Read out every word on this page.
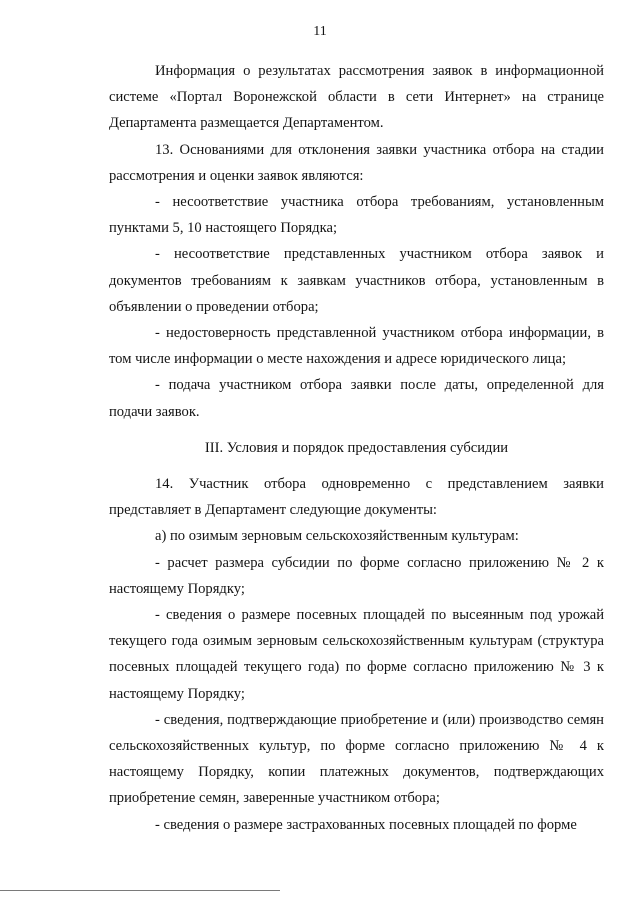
11

Информация о результатах рассмотрения заявок в информационной системе «Портал Воронежской области в сети Интернет» на странице Департамента размещается Департаментом.

13. Основаниями для отклонения заявки участника отбора на стадии рассмотрения и оценки заявок являются:

- несоответствие участника отбора требованиям, установленным пунктами 5, 10 настоящего Порядка;

- несоответствие представленных участником отбора заявок и документов требованиям к заявкам участников отбора, установленным в объявлении о проведении отбора;

- недостоверность представленной участником отбора информации, в том числе информации о месте нахождения и адресе юридического лица;

- подача участником отбора заявки после даты, определенной для подачи заявок.

III. Условия и порядок предоставления субсидии

14. Участник отбора одновременно с представлением заявки представляет в Департамент следующие документы:

а) по озимым зерновым сельскохозяйственным культурам:

- расчет размера субсидии по форме согласно приложению № 2 к настоящему Порядку;

- сведения о размере посевных площадей по высеянным под урожай текущего года озимым зерновым сельскохозяйственным культурам (структура посевных площадей текущего года) по форме согласно приложению № 3 к настоящему Порядку;

- сведения, подтверждающие приобретение и (или) производство семян сельскохозяйственных культур, по форме согласно приложению № 4 к настоящему Порядку, копии платежных документов, подтверждающих приобретение семян, заверенные участником отбора;

- сведения о размере застрахованных посевных площадей по форме
